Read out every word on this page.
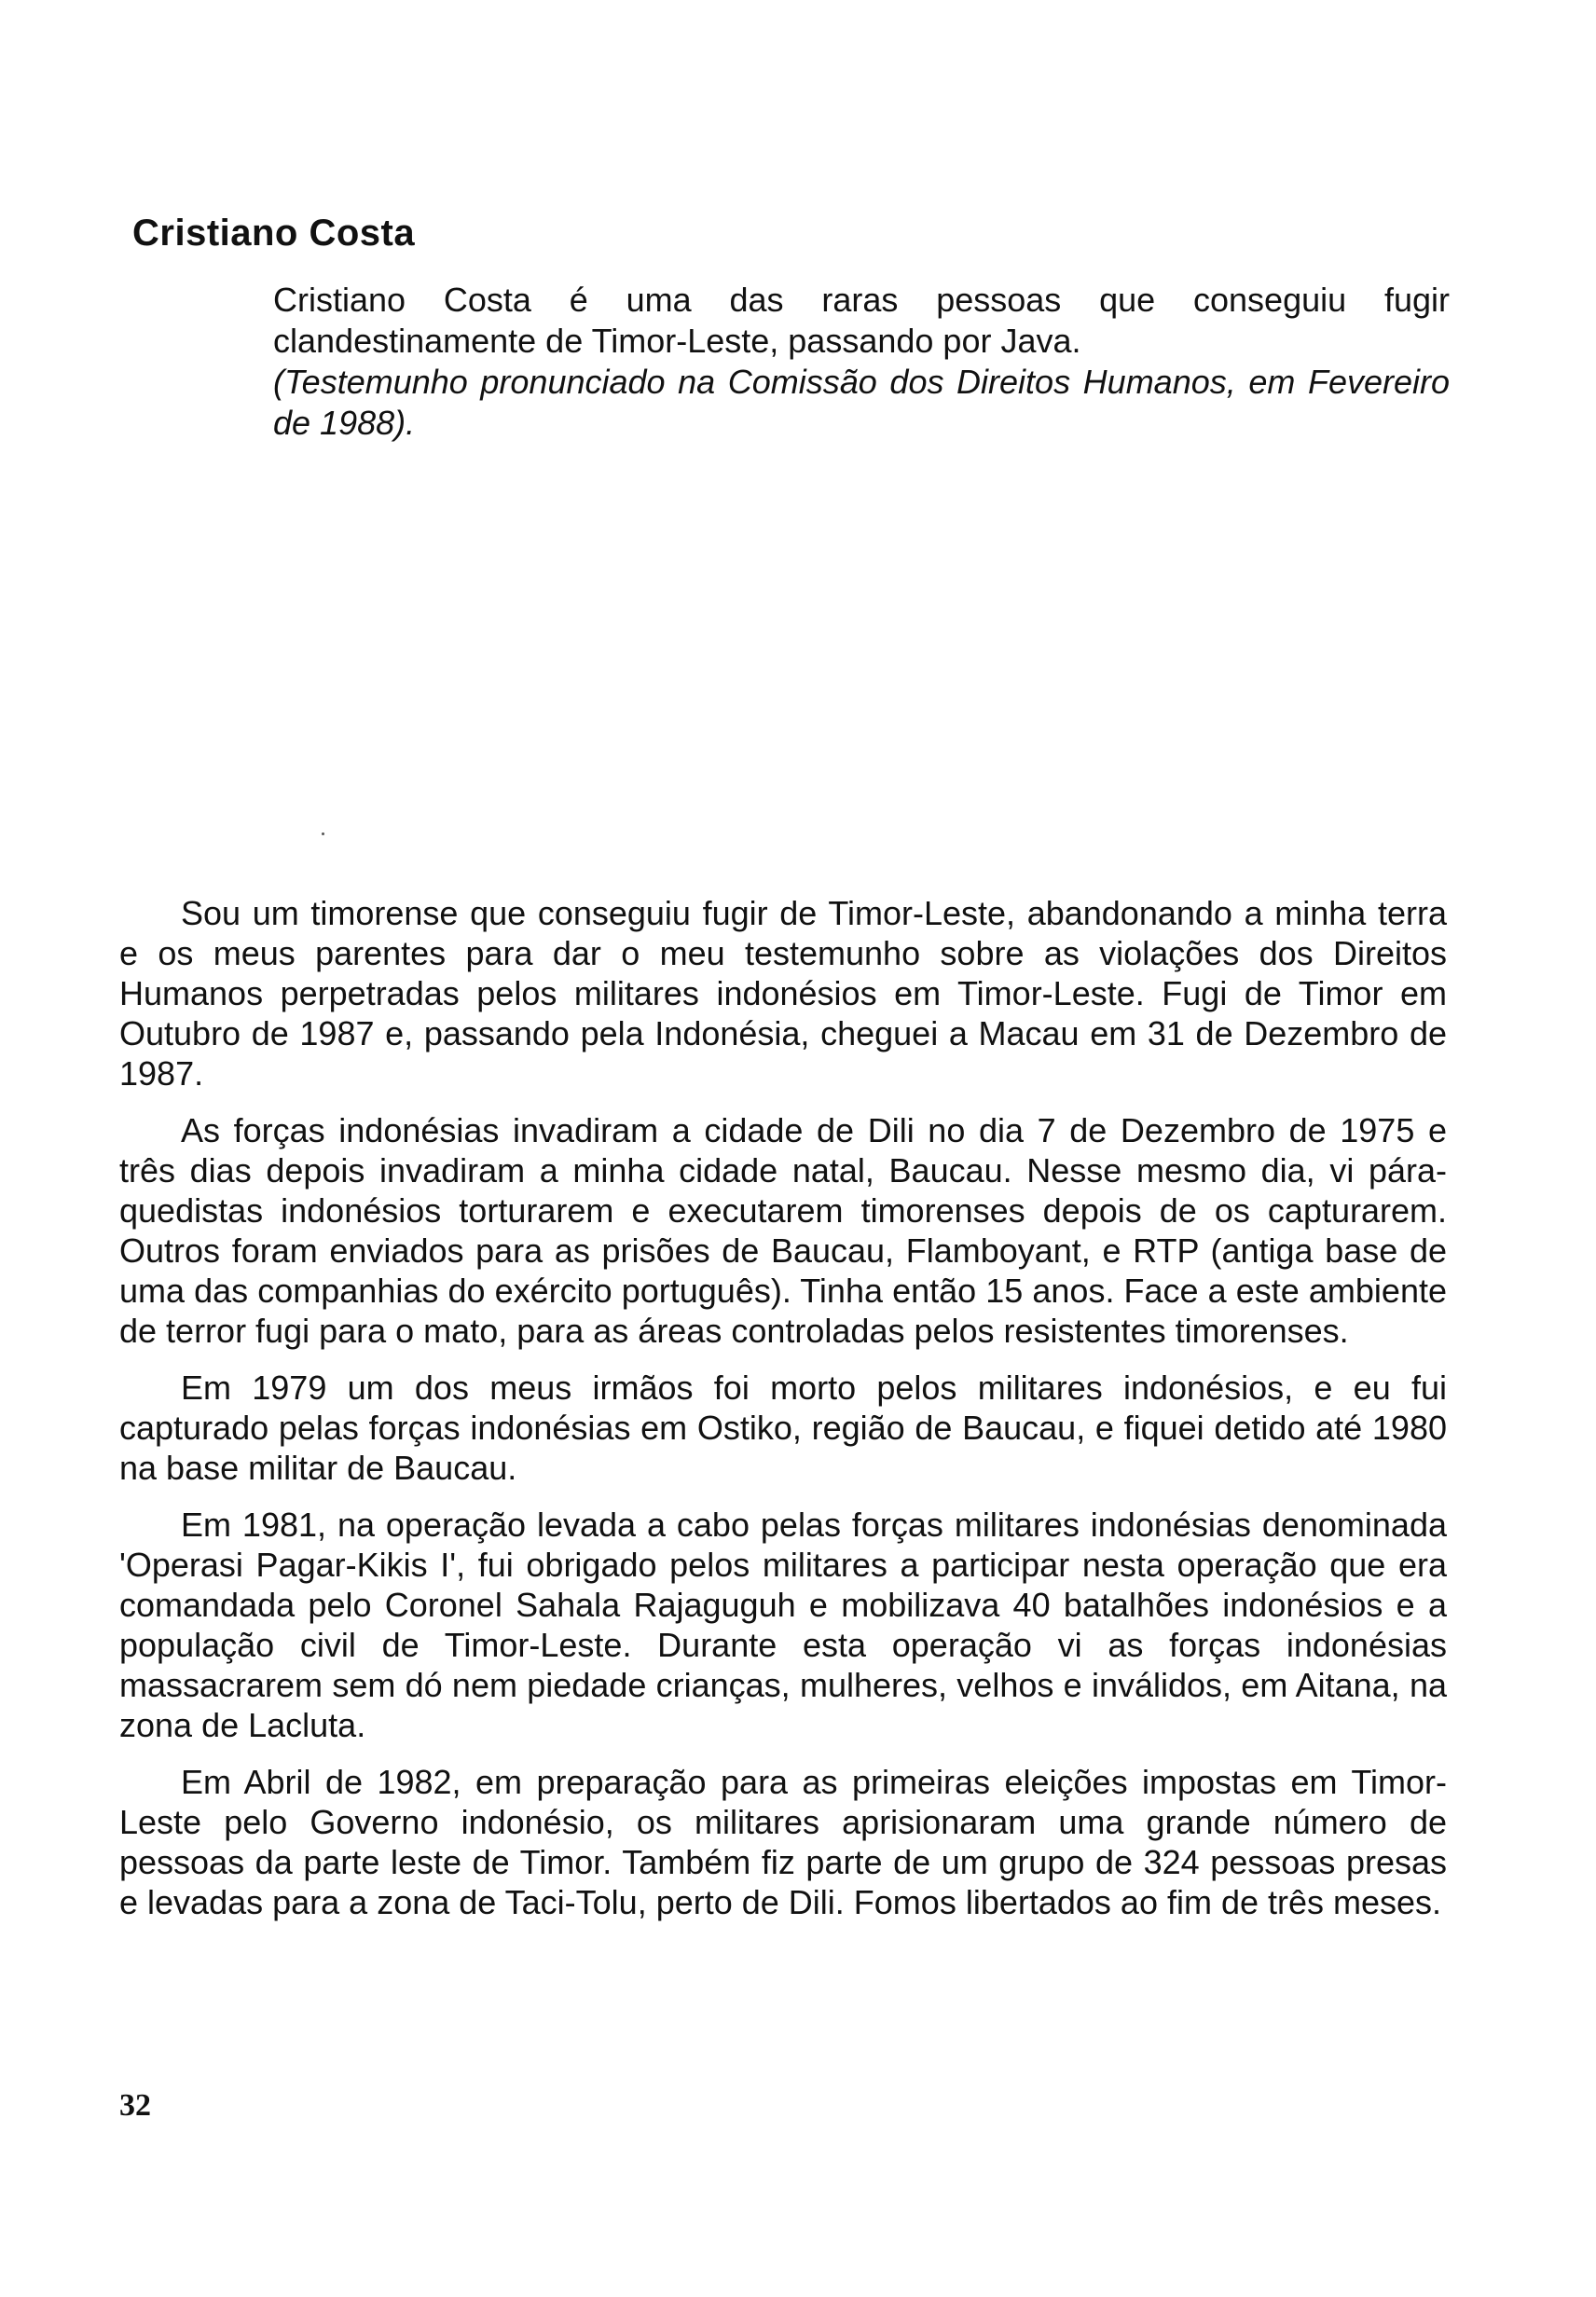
Cristiano Costa

Cristiano Costa é uma das raras pessoas que conseguiu fugir clandestinamente de Timor-Leste, passando por Java.

(Testemunho pronunciado na Comissão dos Direitos Humanos, em Fevereiro de 1988).

Sou um timorense que conseguiu fugir de Timor-Leste, abandonando a minha terra e os meus parentes para dar o meu testemunho sobre as violações dos Direitos Humanos perpetradas pelos militares indonésios em Timor-Leste. Fugi de Timor em Outubro de 1987 e, passando pela Indonésia, cheguei a Macau em 31 de Dezembro de 1987.

As forças indonésias invadiram a cidade de Dili no dia 7 de Dezembro de 1975 e três dias depois invadiram a minha cidade natal, Baucau. Nesse mesmo dia, vi pára-quedistas indonésios torturarem e executarem timorenses depois de os capturarem. Outros foram enviados para as prisões de Baucau, Flamboyant, e RTP (antiga base de uma das companhias do exército português). Tinha então 15 anos. Face a este ambiente de terror fugi para o mato, para as áreas controladas pelos resistentes timorenses.

Em 1979 um dos meus irmãos foi morto pelos militares indonésios, e eu fui capturado pelas forças indonésias em Ostiko, região de Baucau, e fiquei detido até 1980 na base militar de Baucau.

Em 1981, na operação levada a cabo pelas forças militares indonésias denominada 'Operasi Pagar-Kikis I', fui obrigado pelos militares a participar nesta operação que era comandada pelo Coronel Sahala Rajaguguh e mobilizava 40 batalhões indonésios e a população civil de Timor-Leste. Durante esta operação vi as forças indonésias massacrarem sem dó nem piedade crianças, mulheres, velhos e inválidos, em Aitana, na zona de Lacluta.

Em Abril de 1982, em preparação para as primeiras eleições impostas em Timor-Leste pelo Governo indonésio, os militares aprisionaram uma grande número de pessoas da parte leste de Timor. Também fiz parte de um grupo de 324 pessoas presas e levadas para a zona de Taci-Tolu, perto de Dili. Fomos libertados ao fim de três meses.

32
